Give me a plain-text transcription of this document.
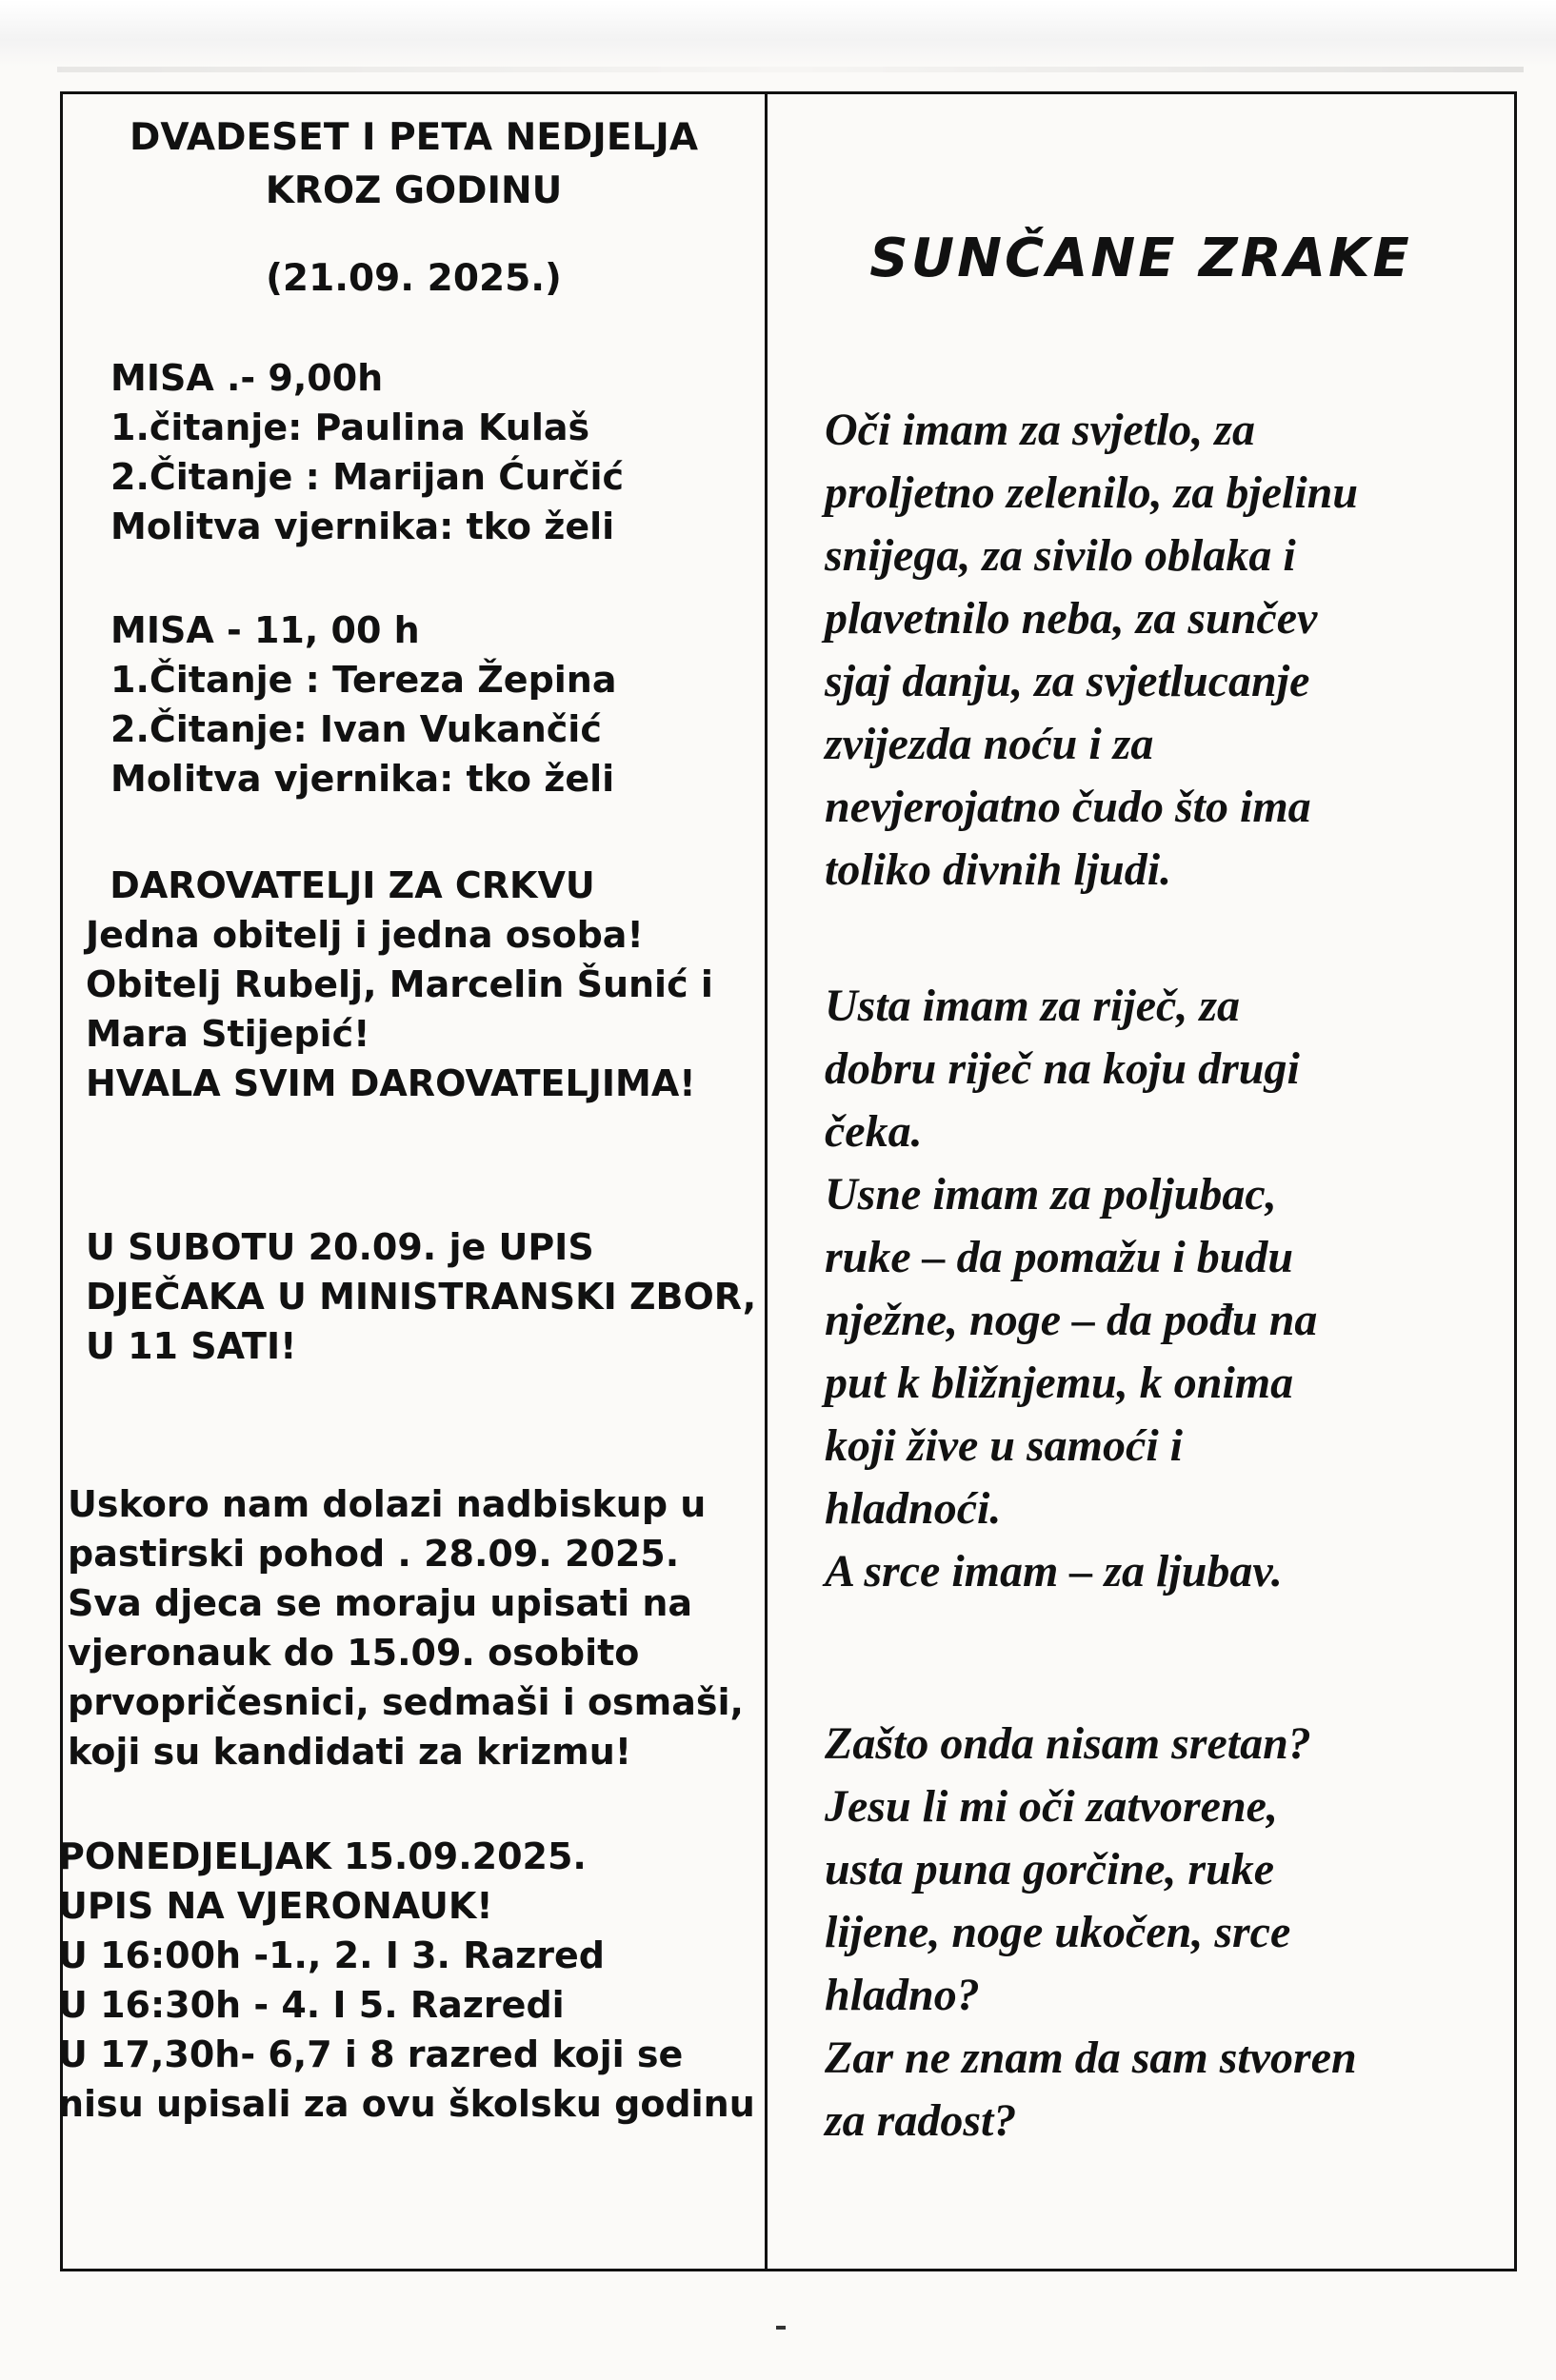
DVADESET I PETA NEDJELJA
KROZ GODINU
(21.09. 2025.)
MISA .- 9,00h
1.čitanje: Paulina Kulaš
2.Čitanje : Marijan Ćurčić
Molitva vjernika: tko želi
MISA - 11, 00 h
1.Čitanje : Tereza Žepina
2.Čitanje: Ivan Vukančić
Molitva vjernika: tko želi
DAROVATELJI ZA CRKVU
Jedna obitelj i jedna osoba!
Obitelj Rubelj, Marcelin Šunić i
Mara Stijepić!
HVALA SVIM DAROVATELJIMA!
U SUBOTU 20.09. je UPIS
DJEČAKA U MINISTRANSKI ZBOR,
U 11 SATI!
Uskoro nam dolazi nadbiskup u
pastirski pohod . 28.09. 2025.
Sva djeca se moraju upisati na
vjeronauk do 15.09. osobito
prvopričesnici, sedmaši i osmaši,
koji su kandidati za krizmu!
PONEDJELJAK 15.09.2025.
UPIS NA VJERONAUK!
U 16:00h -1., 2. I 3. Razred
U 16:30h - 4. I 5. Razredi
U 17,30h- 6,7 i 8 razred koji se
nisu upisali za ovu školsku godinu
SUNČANE ZRAKE
Oči imam za svjetlo, za
proljetno zelenilo, za bjelinu
snijega, za sivilo oblaka i
plavetnilo neba, za sunčev
sjaj danju, za svjetlucanje
zvijezda noću i za
nevjerojatno čudo što ima
toliko divnih ljudi.
Usta imam za riječ, za
dobru riječ na koju drugi
čeka.
Usne imam za poljubac,
ruke – da pomažu i budu
nježne, noge – da pođu na
put k bližnjemu, k onima
koji žive u samoći i
hladnoći.
A srce imam – za ljubav.
Zašto onda nisam sretan?
Jesu li mi oči zatvorene,
usta puna gorčine, ruke
lijene, noge ukočen, srce
hladno?
Zar ne znam da sam stvoren
za radost?
